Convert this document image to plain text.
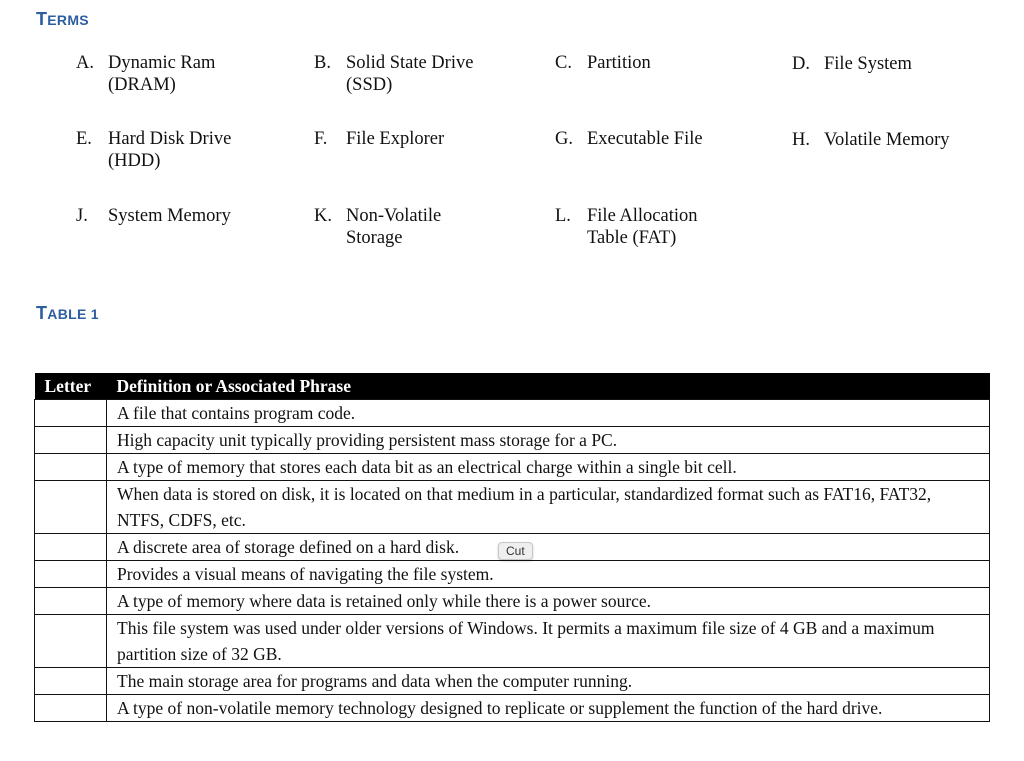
TERMS
A. Dynamic Ram
(DRAM)
B. Solid State Drive
(SSD)
C. Partition	D. File System
E. Hard Disk Drive
(HDD)
F.	File Explorer	G. Executable File	H. Volatile Memory
J.	System Memory	K. Non-Volatile
Storage
L. File Allocation
Table (FAT)
TABLE 1
Letter	Definition or Associated Phrase
	A file that contains program code.
	High capacity unit typically providing persistent mass storage for a PC.
	A type of memory that stores each data bit as an electrical charge within a single bit cell.
	When data is stored on disk, it is located on that medium in a particular, standardized format such as FAT16, FAT32, NTFS, CDFS, etc.
	A discrete area of storage defined on a hard disk.
	Provides a visual means of navigating the file system.
	A type of memory where data is retained only while there is a power source.
	This file system was used under older versions of Windows. It permits a maximum file size of 4 GB and a maximum partition size of 32 GB.
	The main storage area for programs and data when the computer running.
	A type of non-volatile memory technology designed to replicate or supplement the function of the hard drive.
Cut
